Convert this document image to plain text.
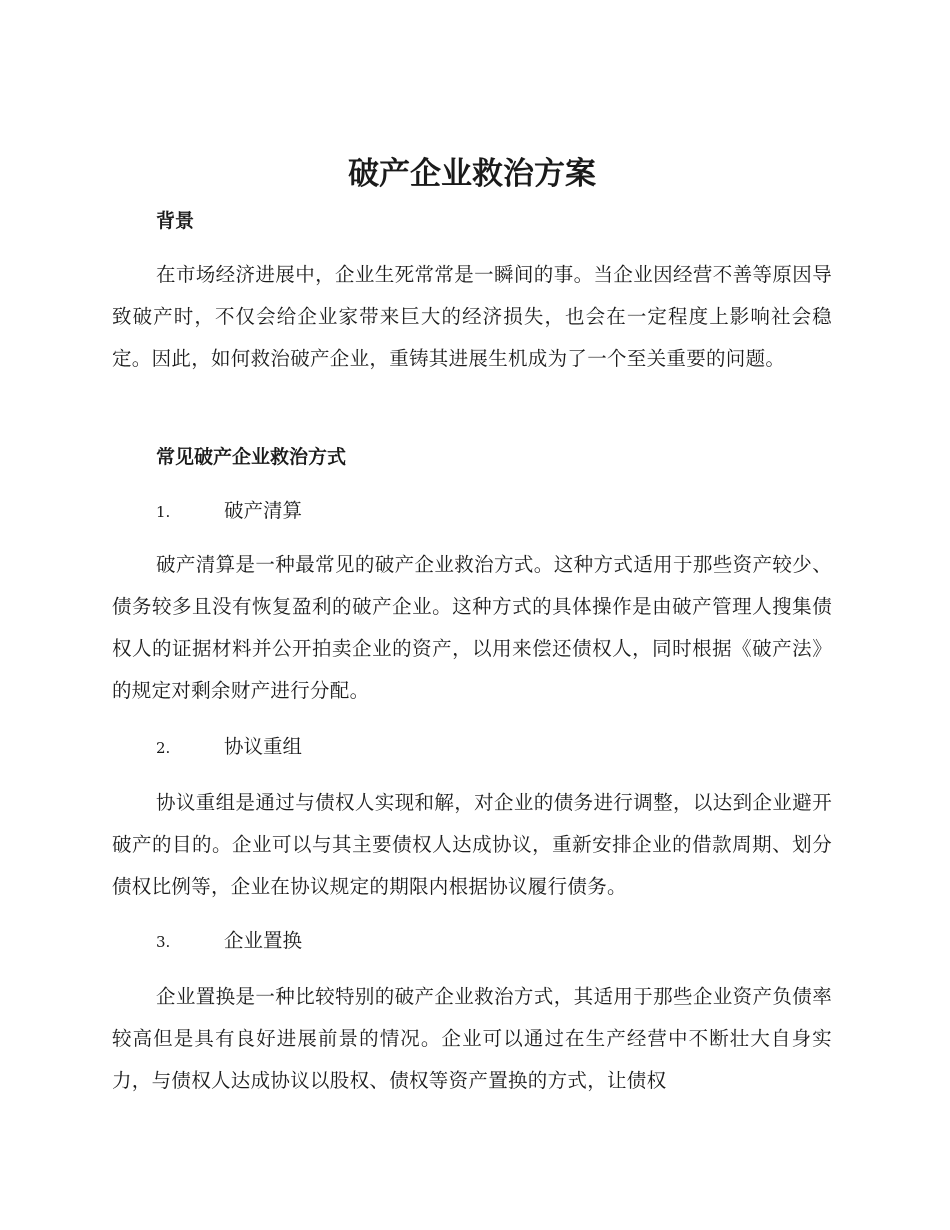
破产企业救治方案
背景

在市场经济进展中，企业生死常常是一瞬间的事。当企业因经营不善等原因导致破产时，不仅会给企业家带来巨大的经济损失，也会在一定程度上影响社会稳定。因此，如何救治破产企业，重铸其进展生机成为了一个至关重要的问题。

常见破产企业救治方式
1.	破产清算

破产清算是一种最常见的破产企业救治方式。这种方式适用于那些资产较少、债务较多且没有恢复盈利的破产企业。这种方式的具体操作是由破产管理人搜集债权人的证据材料并公开拍卖企业的资产，以用来偿还债权人，同时根据《破产法》的规定对剩余财产进行分配。

2.	协议重组

协议重组是通过与债权人实现和解，对企业的债务进行调整，以达到企业避开破产的目的。企业可以与其主要债权人达成协议，重新安排企业的借款周期、划分债权比例等，企业在协议规定的期限内根据协议履行债务。

3.	企业置换

企业置换是一种比较特别的破产企业救治方式，其适用于那些企业资产负债率较高但是具有良好进展前景的情况。企业可以通过在生产经营中不断壮大自身实力，与债权人达成协议以股权、债权等资产置换的方式，让债权
